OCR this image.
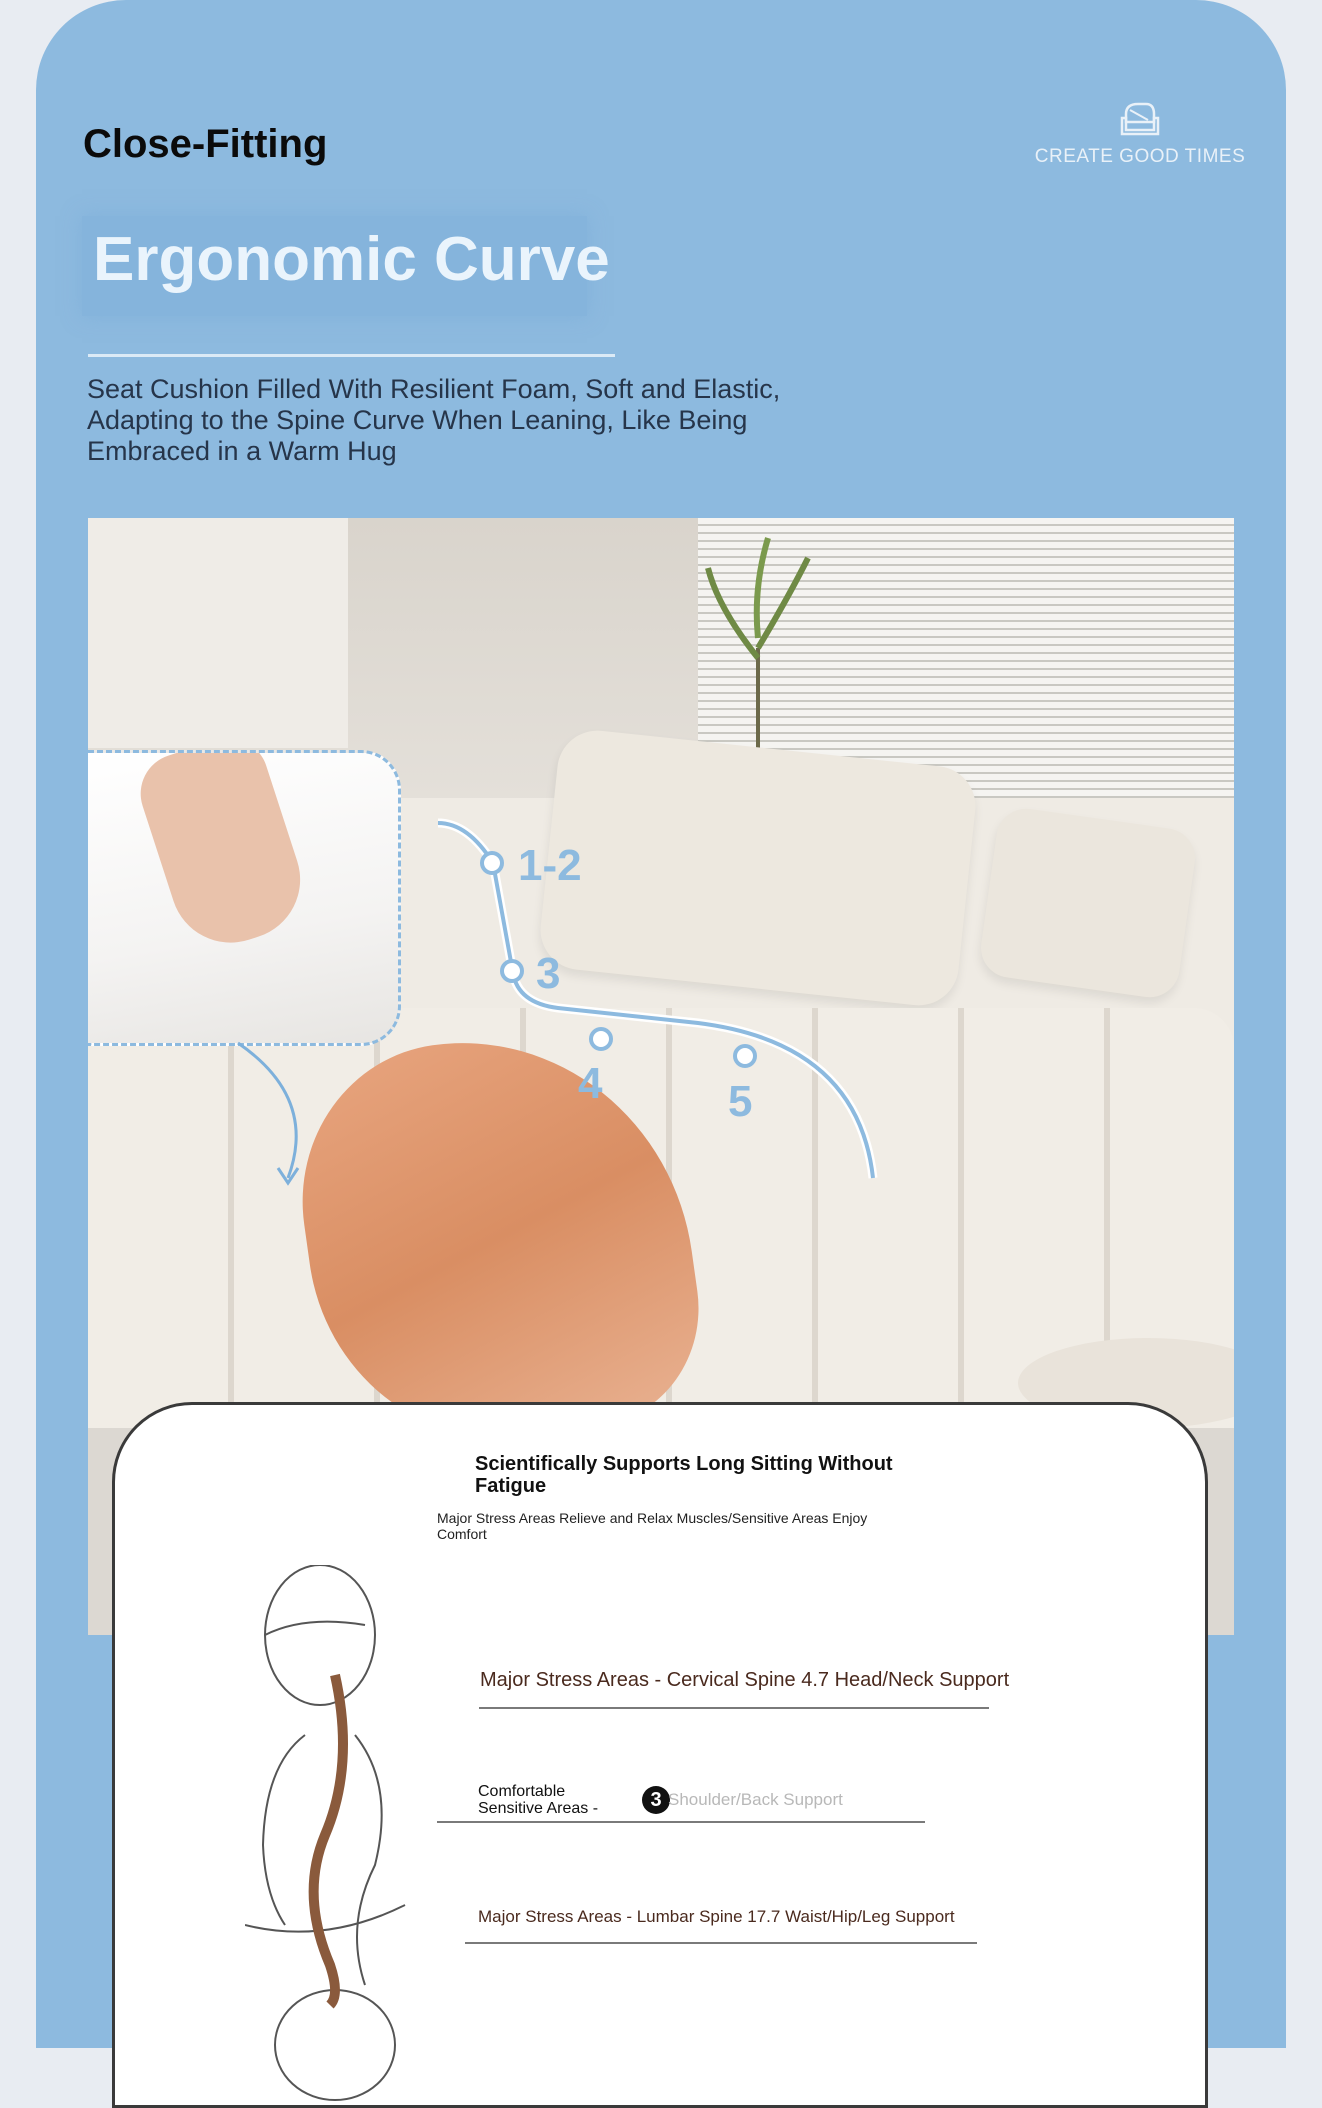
Close-Fitting	CREATE GOOD TIMES
Ergonomic Curve
Seat Cushion Filled With Resilient Foam, Soft and Elastic, Adapting to the Spine Curve When Leaning, Like Being Embraced in a Warm Hug
1-2
3
4	5
Scientifically Supports Long Sitting Without Fatigue
Major Stress Areas Relieve and Relax Muscles/Sensitive Areas Enjoy Comfort
Major Stress Areas - Cervical Spine 4.7 Head/Neck Support
Comfortable Sensitive Areas -	3 Shoulder/Back Support
Major Stress Areas - Lumbar Spine 17.7 Waist/Hip/Leg Support
